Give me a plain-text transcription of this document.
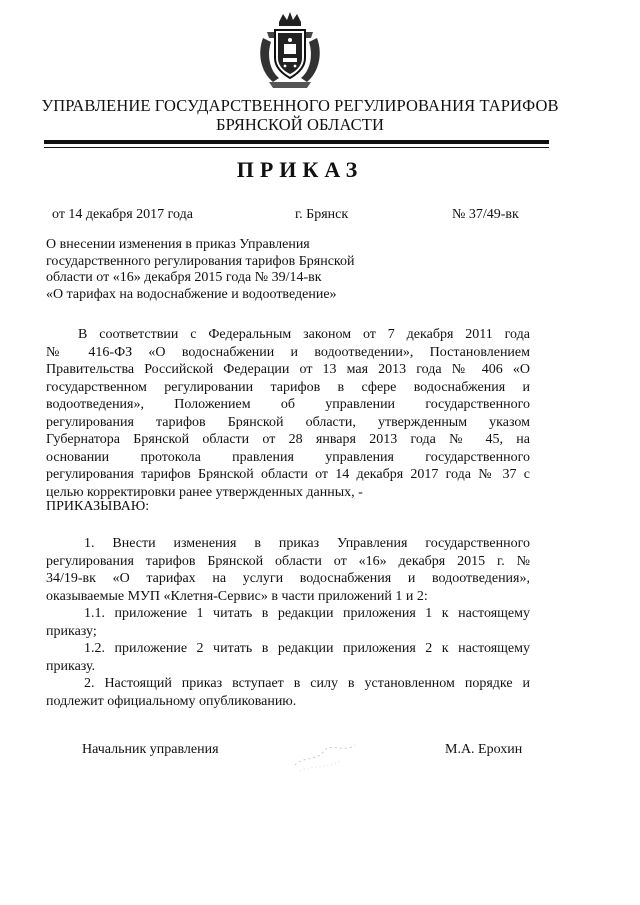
УПРАВЛЕНИЕ ГОСУДАРСТВЕННОГО РЕГУЛИРОВАНИЯ ТАРИФОВ
БРЯНСКОЙ ОБЛАСТИ
ПРИКАЗ
от 14 декабря 2017 года	г. Брянск	№ 37/49-вк
О внесении изменения в приказ Управления
государственного регулирования тарифов Брянской
области от «16» декабря 2015 года № 39/14-вк
«О тарифах на водоснабжение и водоотведение»
В соответствии с Федеральным законом от 7 декабря 2011 года
№ 416-ФЗ «О водоснабжении и водоотведении», Постановлением
Правительства Российской Федерации от 13 мая 2013 года № 406 «О
государственном регулировании тарифов в сфере водоснабжения и
водоотведения», Положением об управлении государственного
регулирования тарифов Брянской области, утвержденным указом
Губернатора Брянской области от 28 января 2013 года № 45, на
основании протокола правления управления государственного
регулирования тарифов Брянской области от 14 декабря 2017 года № 37 с
целью корректировки ранее утвержденных данных, -
ПРИКАЗЫВАЮ:
1. Внести изменения в приказ Управления государственного
регулирования тарифов Брянской области от «16» декабря 2015 г. №
34/19-вк «О тарифах на услуги водоснабжения и водоотведения»,
оказываемые МУП «Клетня-Сервис» в части приложений 1 и 2:
1.1. приложение 1 читать в редакции приложения 1 к настоящему
приказу;
1.2. приложение 2 читать в редакции приложения 2 к настоящему
приказу.
2. Настоящий приказ вступает в силу в установленном порядке и
подлежит официальному опубликованию.
Начальник управления	М.А. Ерохин
